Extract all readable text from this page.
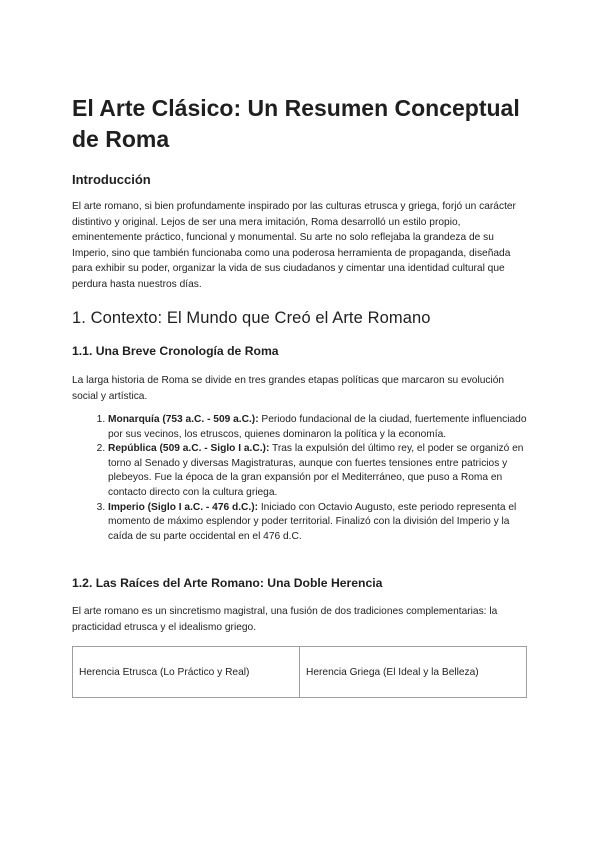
El Arte Clásico: Un Resumen Conceptual de Roma
Introducción

El arte romano, si bien profundamente inspirado por las culturas etrusca y griega, forjó un carácter distintivo y original. Lejos de ser una mera imitación, Roma desarrolló un estilo propio, eminentemente práctico, funcional y monumental. Su arte no solo reflejaba la grandeza de su Imperio, sino que también funcionaba como una poderosa herramienta de propaganda, diseñada para exhibir su poder, organizar la vida de sus ciudadanos y cimentar una identidad cultural que perdura hasta nuestros días.

1. Contexto: El Mundo que Creó el Arte Romano
1.1. Una Breve Cronología de Roma

La larga historia de Roma se divide en tres grandes etapas políticas que marcaron su evolución social y artística.

1. Monarquía (753 a.C. - 509 a.C.): Periodo fundacional de la ciudad, fuertemente influenciado por sus vecinos, los etruscos, quienes dominaron la política y la economía.
2. República (509 a.C. - Siglo I a.C.): Tras la expulsión del último rey, el poder se organizó en torno al Senado y diversas Magistraturas, aunque con fuertes tensiones entre patricios y plebeyos. Fue la época de la gran expansión por el Mediterráneo, que puso a Roma en contacto directo con la cultura griega.
3. Imperio (Siglo I a.C. - 476 d.C.): Iniciado con Octavio Augusto, este periodo representa el momento de máximo esplendor y poder territorial. Finalizó con la división del Imperio y la caída de su parte occidental en el 476 d.C.
1.2. Las Raíces del Arte Romano: Una Doble Herencia

El arte romano es un sincretismo magistral, una fusión de dos tradiciones complementarias: la practicidad etrusca y el idealismo griego.

Herencia Etrusca (Lo Práctico y Real)	Herencia Griega (El Ideal y la Belleza)
